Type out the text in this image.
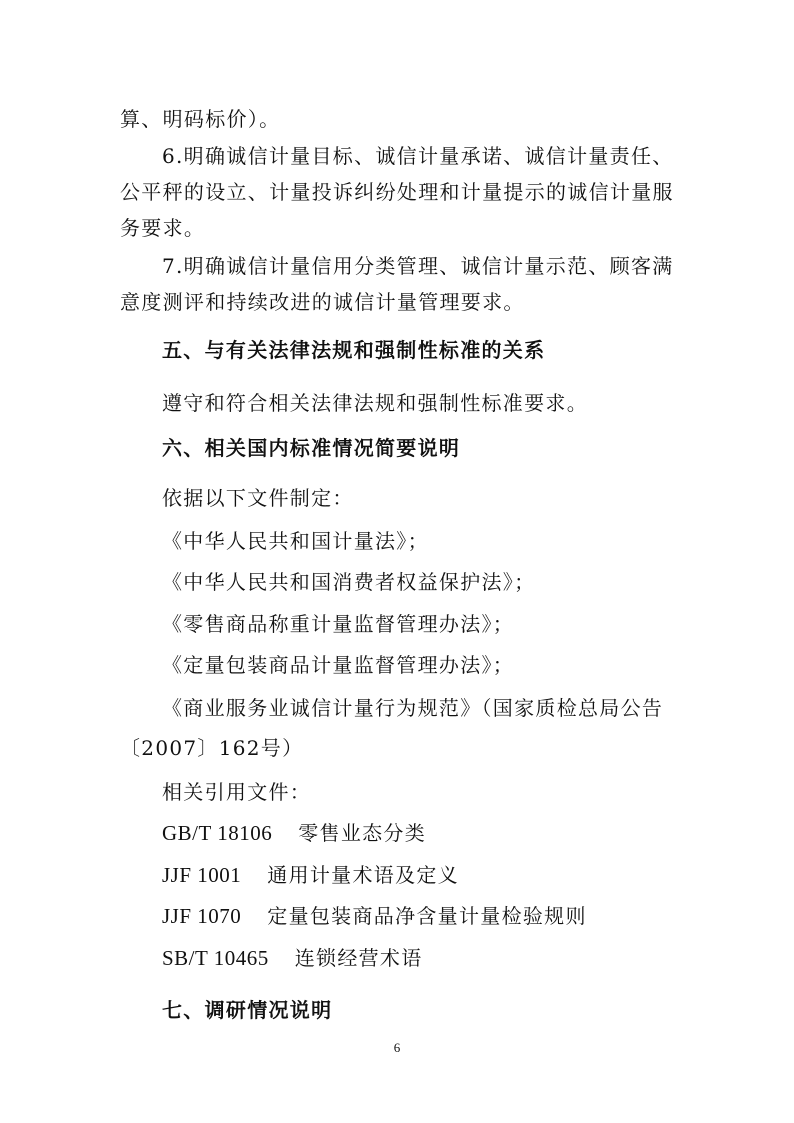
算、明码标价）。
6.明确诚信计量目标、诚信计量承诺、诚信计量责任、
公平秤的设立、计量投诉纠纷处理和计量提示的诚信计量服
务要求。
7.明确诚信计量信用分类管理、诚信计量示范、顾客满
意度测评和持续改进的诚信计量管理要求。
五、与有关法律法规和强制性标准的关系
遵守和符合相关法律法规和强制性标准要求。
六、相关国内标准情况简要说明
依据以下文件制定：
《中华人民共和国计量法》；
《中华人民共和国消费者权益保护法》；
《零售商品称重计量监督管理办法》；
《定量包装商品计量监督管理办法》；
《商业服务业诚信计量行为规范》（国家质检总局公告
〔2007〕162号）
相关引用文件：
GB/T 18106 零售业态分类
JJF 1001 通用计量术语及定义
JJF 1070 定量包装商品净含量计量检验规则
SB/T 10465 连锁经营术语
七、调研情况说明
6
